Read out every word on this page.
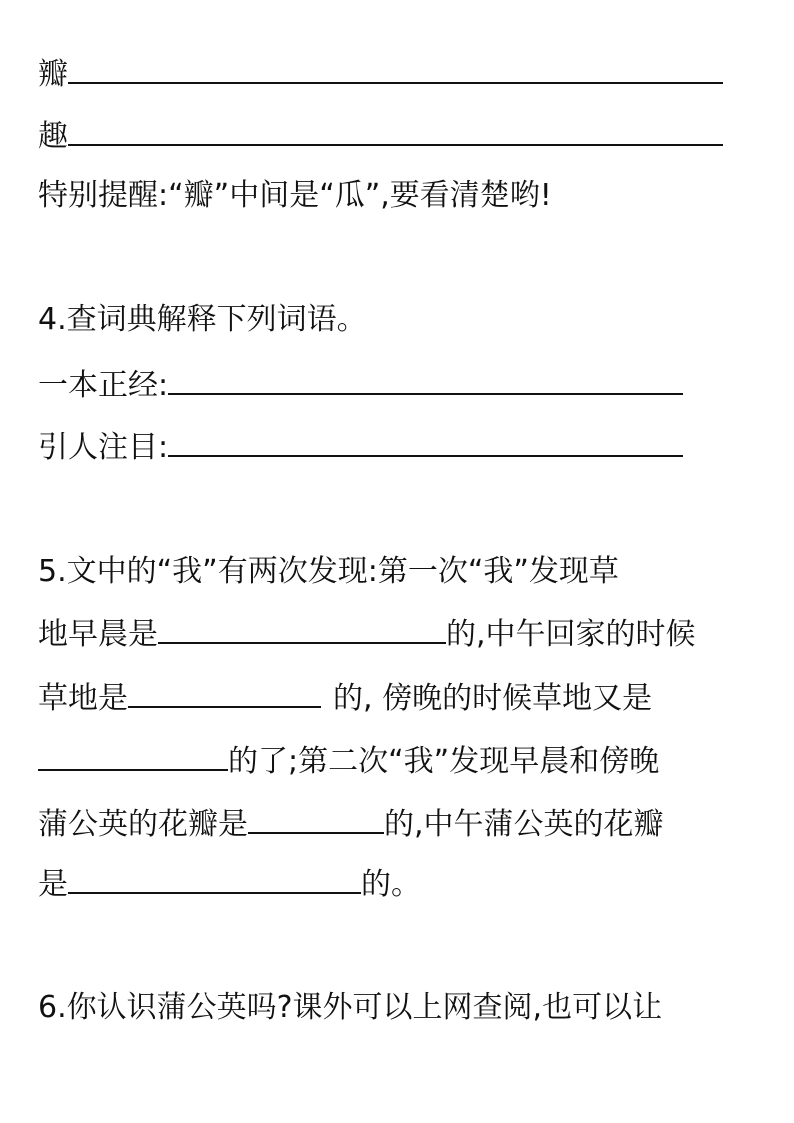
瓣
趣
特别提醒:“瓣”中间是“瓜”,要看清楚哟!
4.查词典解释下列词语。
一本正经:
引人注目:
5.文中的“我”有两次发现:第一次“我”发现草
地早晨是	的,中午回家的时候
草地是	的, 傍晚的时候草地又是
的了;第二次“我”发现早晨和傍晚
蒲公英的花瓣是	的,中午蒲公英的花瓣
是	的。
6.你认识蒲公英吗?课外可以上网查阅,也可以让
